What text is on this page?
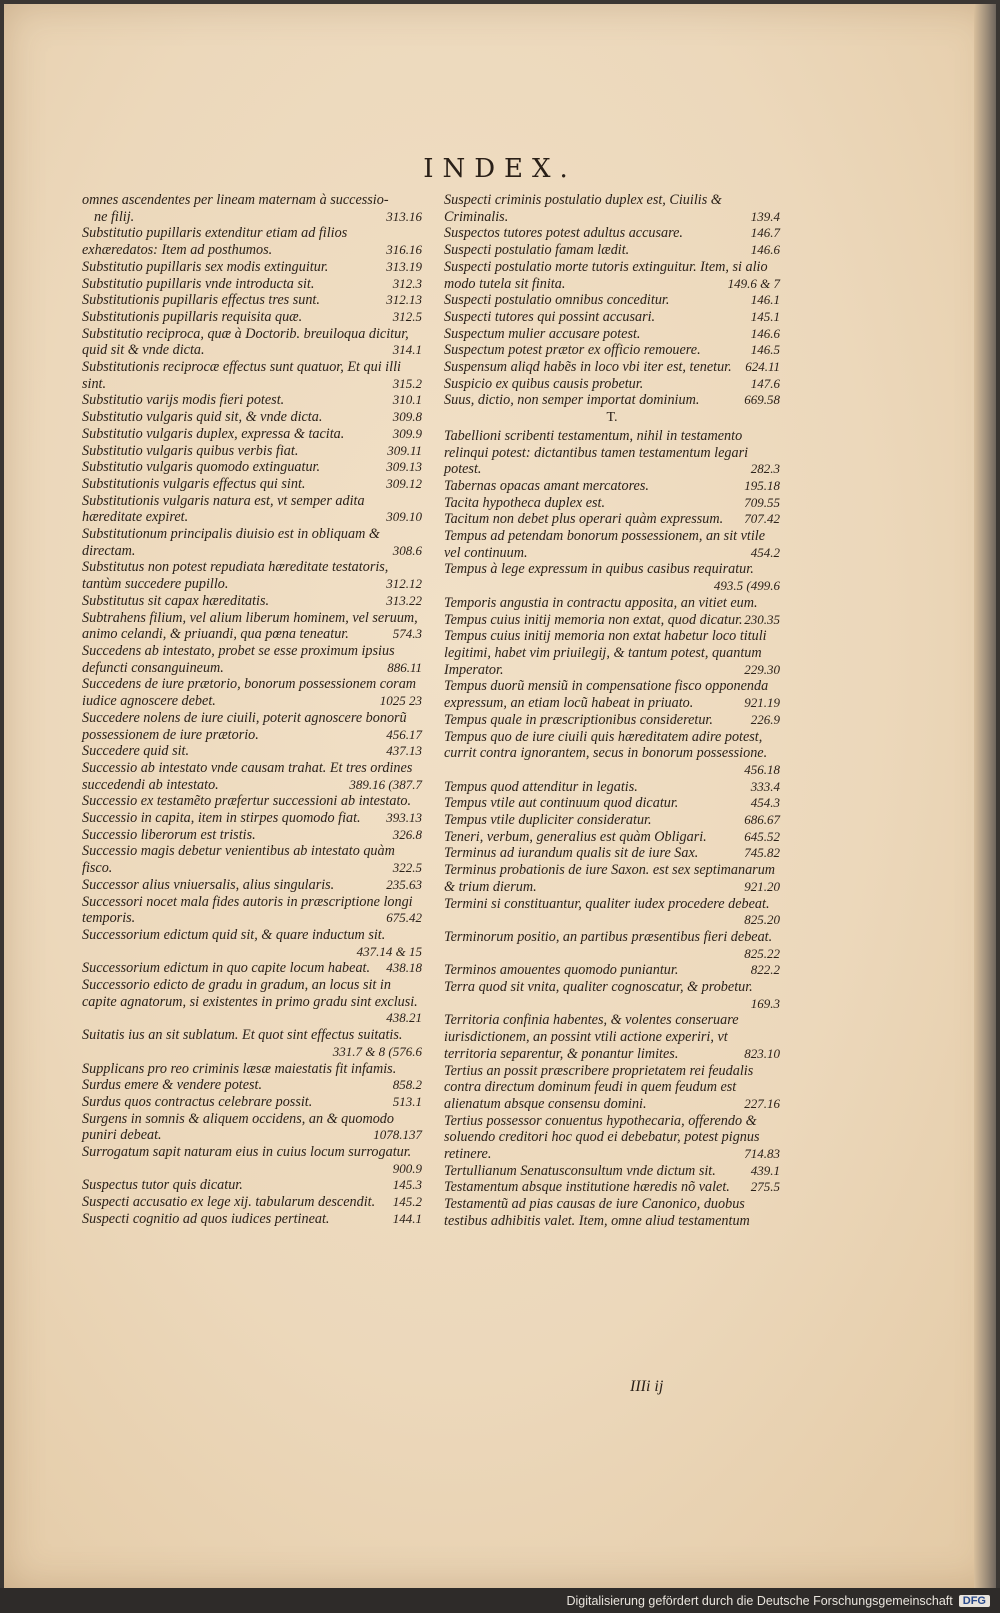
INDEX.

omnes ascendentes per lineam maternam à successio-
ne filij.	313.16

Substitutio pupillaris extenditur etiam ad filios exhæredatos: Item ad posthumos.	316.16

Substitutio pupillaris sex modis extinguitur.	313.19

Substitutio pupillaris vnde introducta sit.	312.3

Substitutionis pupillaris effectus tres sunt.	312.13

Substitutionis pupillaris requisita quæ.	312.5

Substitutio reciproca, quæ à Doctorib. breuiloqua dicitur, quid sit & vnde dicta.	314.1

Substitutionis reciprocæ effectus sunt quatuor, Et qui illi sint.	315.2

Substitutio varijs modis fieri potest.	310.1

Substitutio vulgaris quid sit, & vnde dicta.	309.8

Substitutio vulgaris duplex, expressa & tacita.	309.9

Substitutio vulgaris quibus verbis fiat.	309.11

Substitutio vulgaris quomodo extinguatur.	309.13

Substitutionis vulgaris effectus qui sint.	309.12

Substitutionis vulgaris natura est, vt semper adita hæreditate expiret.	309.10

Substitutionum principalis diuisio est in obliquam & directam.	308.6

Substitutus non potest repudiata hæreditate testatoris, tantùm succedere pupillo.	312.12

Substitutus sit capax hæreditatis.	313.22

Subtrahens filium, vel alium liberum hominem, vel seruum, animo celandi, & priuandi, qua pœna teneatur.	574.3

Succedens ab intestato, probet se esse proximum ipsius defuncti consanguineum.	886.11

Succedens de iure prætorio, bonorum possessionem coram iudice agnoscere debet.	1025 23

Succedere nolens de iure ciuili, poterit agnoscere bonorũ possessionem de iure prætorio.	456.17

Succedere quid sit.	437.13

Successio ab intestato vnde causam trahat. Et tres ordines succedendi ab intestato.	389.16 (387.7

Successio ex testamẽto præfertur successioni ab intestato.

Successio in capita, item in stirpes quomodo fiat. 393.13

Successio liberorum est tristis.	326.8

Successio magis debetur venientibus ab intestato quàm fisco.	322.5

Successor alius vniuersalis, alius singularis.	235.63

Successori nocet mala fides autoris in præscriptione longi temporis.	675.42

Successorium edictum quid sit, & quare inductum sit.
437.14 & 15

Successorium edictum in quo capite locum habeat. 438.18

Successorio edicto de gradu in gradum, an locus sit in capite agnatorum, si existentes in primo gradu sint exclusi.
438.21

Suitatis ius an sit sublatum. Et quot sint effectus suitatis.
331.7 & 8 (576.6

Supplicans pro reo criminis læsæ maiestatis fit infamis.

Surdus emere & vendere potest.	858.2

Surdus quos contractus celebrare possit.	513.1

Surgens in somnis & aliquem occidens, an & quomodo puniri debeat.	1078.137

Surrogatum sapit naturam eius in cuius locum surrogatur.
900.9

Suspectus tutor quis dicatur.	145.3

Suspecti accusatio ex lege xij. tabularum descendit. 145.2

Suspecti cognitio ad quos iudices pertineat.	144.1

Suspecti criminis postulatio duplex est, Ciuilis & Criminalis.	139.4

Suspectos tutores potest adultus accusare.	146.7

Suspecti postulatio famam lædit.	146.6

Suspecti postulatio morte tutoris extinguitur. Item, si alio modo tutela sit finita.	149.6 & 7

Suspecti postulatio omnibus conceditur.	146.1

Suspecti tutores qui possint accusari.	145.1

Suspectum mulier accusare potest.	146.6

Suspectum potest prætor ex officio remouere.	146.5

Suspensum aliqd habẽs in loco vbi iter est, tenetur. 624.11

Suspicio ex quibus causis probetur.	147.6

Suus, dictio, non semper importat dominium.	669.58

T.

Tabellioni scribenti testamentum, nihil in testamento relinqui potest: dictantibus tamen testamentum legari potest.	282.3

Tabernas opacas amant mercatores.	195.18

Tacita hypotheca duplex est.	709.55

Tacitum non debet plus operari quàm expressum. 707.42

Tempus ad petendam bonorum possessionem, an sit vtile vel continuum.	454.2

Tempus à lege expressum in quibus casibus requiratur.
493.5 (499.6

Temporis angustia in contractu apposita, an vitiet eum.

Tempus cuius initij memoria non extat, quod dicatur. 230.35

Tempus cuius initij memoria non extat habetur loco tituli legitimi, habet vim priuilegij, & tantum potest, quantum Imperator.	229.30

Tempus duorũ mensiũ in compensatione fisco opponenda expressum, an etiam locũ habeat in priuato.	921.19

Tempus quale in præscriptionibus consideretur.	226.9

Tempus quo de iure ciuili quis hæreditatem adire potest, currit contra ignorantem, secus in bonorum possessione.
456.18

Tempus quod attenditur in legatis.	333.4

Tempus vtile aut continuum quod dicatur.	454.3

Tempus vtile dupliciter consideratur.	686.67

Teneri, verbum, generalius est quàm Obligari.	645.52

Terminus ad iurandum qualis sit de iure Sax.	745.82

Terminus probationis de iure Saxon. est sex septimanarum & trium dierum.	921.20

Termini si constituantur, qualiter iudex procedere debeat.
825.20

Terminorum positio, an partibus præsentibus fieri debeat.
825.22

Terminos amouentes quomodo puniantur.	822.2

Terra quod sit vnita, qualiter cognoscatur, & probetur.
169.3

Territoria confinia habentes, & volentes conseruare iurisdictionem, an possint vtili actione experiri, vt territoria separentur, & ponantur limites.	823.10

Tertius an possit præscribere proprietatem rei feudalis contra directum dominum feudi in quem feudum est alienatum absque consensu domini.	227.16

Tertius possessor conuentus hypothecaria, offerendo & soluendo creditori hoc quod ei debebatur, potest pignus retinere.	714.83

Tertullianum Senatusconsultum vnde dictum sit.	439.1

Testamentum absque institutione hæredis nõ valet. 275.5

Testamentũ ad pias causas de iure Canonico, duobus testibus adhibitis valet. Item, omne aliud testamentum

IIIi ij
Digitalisierung gefördert durch die Deutsche Forschungsgemeinschaft DFG
